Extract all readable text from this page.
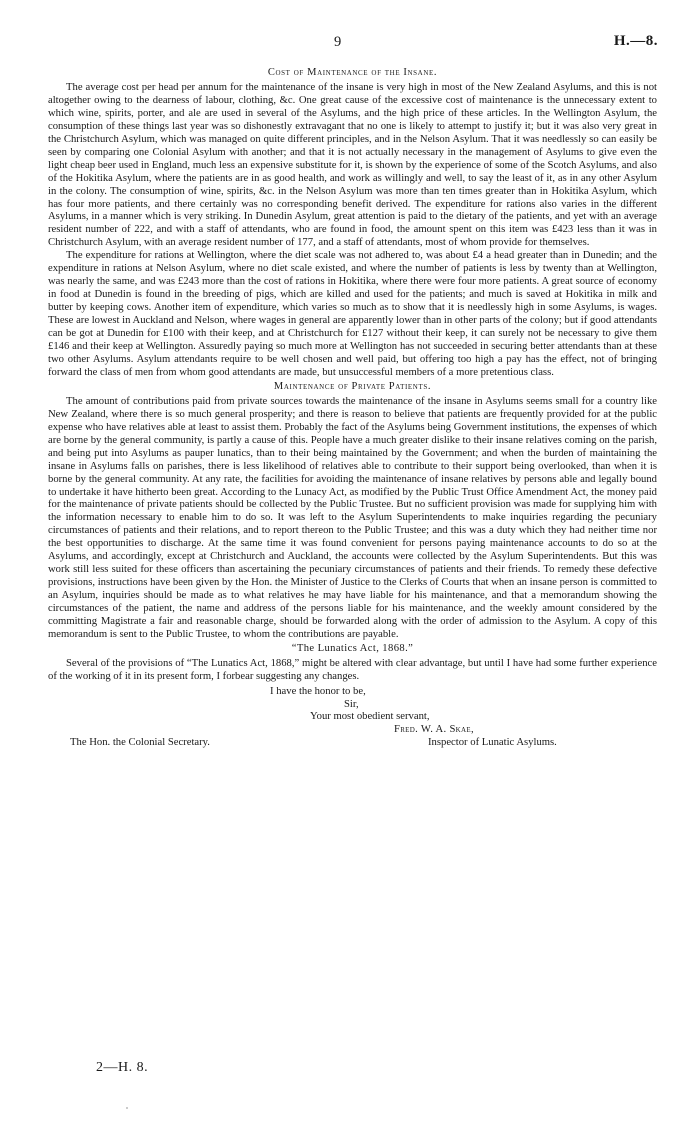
9	H.—8.
Cost of Maintenance of the Insane.

The average cost per head per annum for the maintenance of the insane is very high in most of the New Zealand Asylums, and this is not altogether owing to the dearness of labour, clothing, &c. One great cause of the excessive cost of maintenance is the unnecessary extent to which wine, spirits, porter, and ale are used in several of the Asylums, and the high price of these articles. In the Wellington Asylum, the consumption of these things last year was so dishonestly extravagant that no one is likely to attempt to justify it; but it was also very great in the Christchurch Asylum, which was managed on quite different principles, and in the Nelson Asylum. That it was needlessly so can easily be seen by comparing one Colonial Asylum with another; and that it is not actually necessary in the management of Asylums to give even the light cheap beer used in England, much less an expensive substitute for it, is shown by the experience of some of the Scotch Asylums, and also of the Hokitika Asylum, where the patients are in as good health, and work as willingly and well, to say the least of it, as in any other Asylum in the colony. The consumption of wine, spirits, &c. in the Nelson Asylum was more than ten times greater than in Hokitika Asylum, which has four more patients, and there certainly was no corresponding benefit derived. The expenditure for rations also varies in the different Asylums, in a manner which is very striking. In Dunedin Asylum, great attention is paid to the dietary of the patients, and yet with an average resident number of 222, and with a staff of attendants, who are found in food, the amount spent on this item was £423 less than it was in Christchurch Asylum, with an average resident number of 177, and a staff of attendants, most of whom provide for themselves.

The expenditure for rations at Wellington, where the diet scale was not adhered to, was about £4 a head greater than in Dunedin; and the expenditure in rations at Nelson Asylum, where no diet scale existed, and where the number of patients is less by twenty than at Wellington, was nearly the same, and was £243 more than the cost of rations in Hokitika, where there were four more patients. A great source of economy in food at Dunedin is found in the breeding of pigs, which are killed and used for the patients; and much is saved at Hokitika in milk and butter by keeping cows. Another item of expenditure, which varies so much as to show that it is needlessly high in some Asylums, is wages. These are lowest in Auckland and Nelson, where wages in general are apparently lower than in other parts of the colony; but if good attendants can be got at Dunedin for £100 with their keep, and at Christchurch for £127 without their keep, it can surely not be necessary to give them £146 and their keep at Wellington. Assuredly paying so much more at Wellington has not succeeded in securing better attendants than at these two other Asylums. Asylum attendants require to be well chosen and well paid, but offering too high a pay has the effect, not of bringing forward the class of men from whom good attendants are made, but unsuccessful members of a more pretentious class.

Maintenance of Private Patients.

The amount of contributions paid from private sources towards the maintenance of the insane in Asylums seems small for a country like New Zealand, where there is so much general prosperity; and there is reason to believe that patients are frequently provided for at the public expense who have relatives able at least to assist them. Probably the fact of the Asylums being Government institutions, the expenses of which are borne by the general community, is partly a cause of this. People have a much greater dislike to their insane relatives coming on the parish, and being put into Asylums as pauper lunatics, than to their being maintained by the Government; and when the burden of maintaining the insane in Asylums falls on parishes, there is less likelihood of relatives able to contribute to their support being overlooked, than when it is borne by the general community. At any rate, the facilities for avoiding the maintenance of insane relatives by persons able and legally bound to undertake it have hitherto been great. According to the Lunacy Act, as modified by the Public Trust Office Amendment Act, the money paid for the maintenance of private patients should be collected by the Public Trustee. But no sufficient provision was made for supplying him with the information necessary to enable him to do so. It was left to the Asylum Superintendents to make inquiries regarding the pecuniary circumstances of patients and their relations, and to report thereon to the Public Trustee; and this was a duty which they had neither time nor the best opportunities to discharge. At the same time it was found convenient for persons paying maintenance accounts to do so at the Asylums, and accordingly, except at Christchurch and Auckland, the accounts were collected by the Asylum Superintendents. But this was work still less suited for these officers than ascertaining the pecuniary circumstances of patients and their friends. To remedy these defective provisions, instructions have been given by the Hon. the Minister of Justice to the Clerks of Courts that when an insane person is committed to an Asylum, inquiries should be made as to what relatives he may have liable for his maintenance, and that a memorandum showing the circumstances of the patient, the name and address of the persons liable for his maintenance, and the weekly amount considered by the committing Magistrate a fair and reasonable charge, should be forwarded along with the order of admission to the Asylum. A copy of this memorandum is sent to the Public Trustee, to whom the contributions are payable.

“The Lunatics Act, 1868.”

Several of the provisions of “The Lunatics Act, 1868,” might be altered with clear advantage, but until I have had some further experience of the working of it in its present form, I forbear suggesting any changes.

I have the honor to be,
Sir,
Your most obedient servant,
Fred. W. A. Skae,
The Hon. the Colonial Secretary.	Inspector of Lunatic Asylums.
2—H. 8.
